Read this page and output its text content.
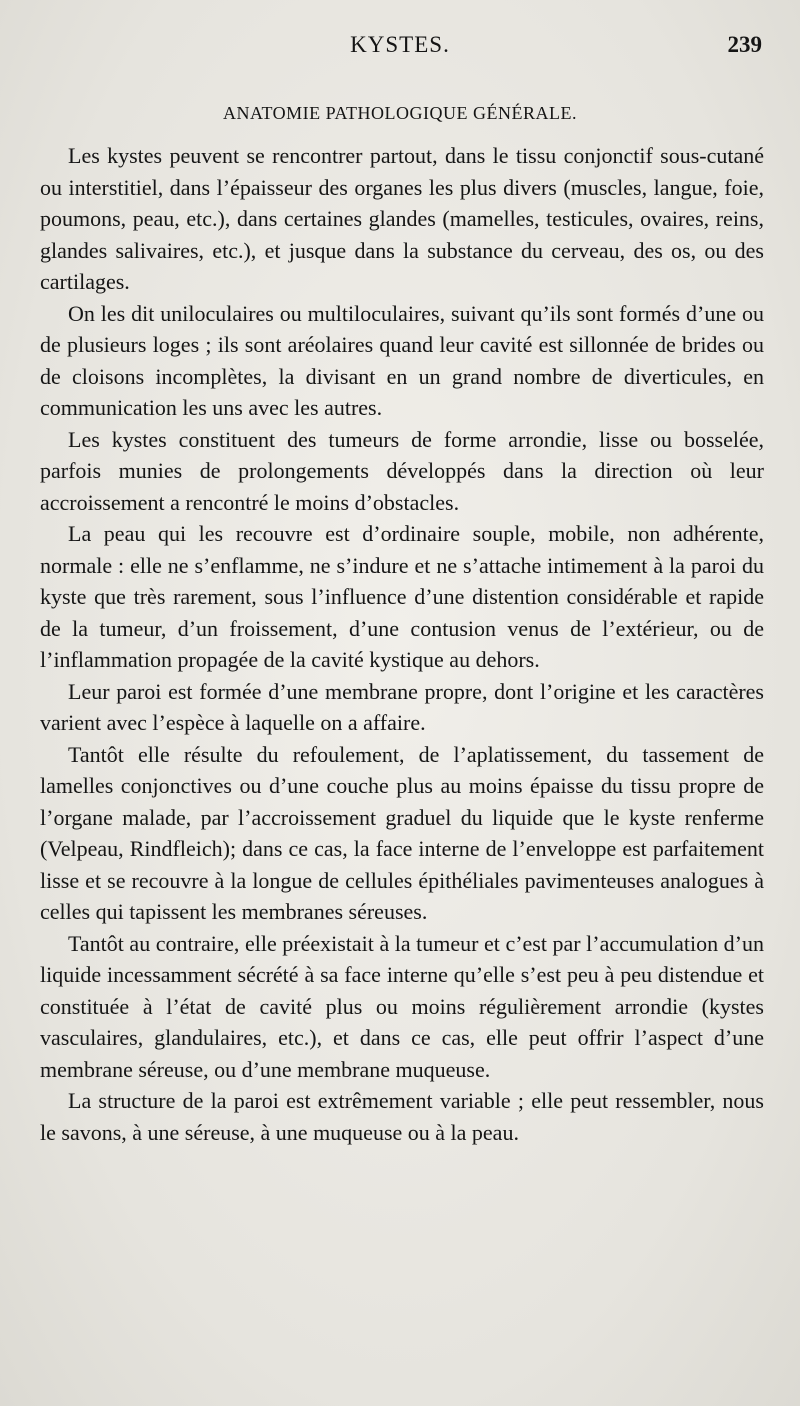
KYSTES.	239
ANATOMIE PATHOLOGIQUE GÉNÉRALE.

Les kystes peuvent se rencontrer partout, dans le tissu conjonctif sous-cutané ou interstitiel, dans l’épaisseur des organes les plus divers (muscles, langue, foie, poumons, peau, etc.), dans certaines glandes (mamelles, testicules, ovaires, reins, glandes salivaires, etc.), et jusque dans la substance du cerveau, des os, ou des cartilages.

On les dit uniloculaires ou multiloculaires, suivant qu’ils sont formés d’une ou de plusieurs loges ; ils sont aréolaires quand leur cavité est sillonnée de brides ou de cloisons incomplètes, la divisant en un grand nombre de diverticules, en communication les uns avec les autres.

Les kystes constituent des tumeurs de forme arrondie, lisse ou bosselée, parfois munies de prolongements développés dans la direction où leur accroissement a rencontré le moins d’obstacles.

La peau qui les recouvre est d’ordinaire souple, mobile, non adhérente, normale : elle ne s’enflamme, ne s’indure et ne s’attache intimement à la paroi du kyste que très rarement, sous l’influence d’une distention considérable et rapide de la tumeur, d’un froissement, d’une contusion venus de l’extérieur, ou de l’inflammation propagée de la cavité kystique au dehors.

Leur paroi est formée d’une membrane propre, dont l’origine et les caractères varient avec l’espèce à laquelle on a affaire.

Tantôt elle résulte du refoulement, de l’aplatissement, du tassement de lamelles conjonctives ou d’une couche plus au moins épaisse du tissu propre de l’organe malade, par l’accroissement graduel du liquide que le kyste renferme (Velpeau, Rindfleich); dans ce cas, la face interne de l’enveloppe est parfaitement lisse et se recouvre à la longue de cellules épithéliales pavimenteuses analogues à celles qui tapissent les membranes séreuses.

Tantôt au contraire, elle préexistait à la tumeur et c’est par l’accumulation d’un liquide incessamment sécrété à sa face interne qu’elle s’est peu à peu distendue et constituée à l’état de cavité plus ou moins régulièrement arrondie (kystes vasculaires, glandulaires, etc.), et dans ce cas, elle peut offrir l’aspect d’une membrane séreuse, ou d’une membrane muqueuse.

La structure de la paroi est extrêmement variable ; elle peut ressembler, nous le savons, à une séreuse, à une muqueuse ou à la peau.
